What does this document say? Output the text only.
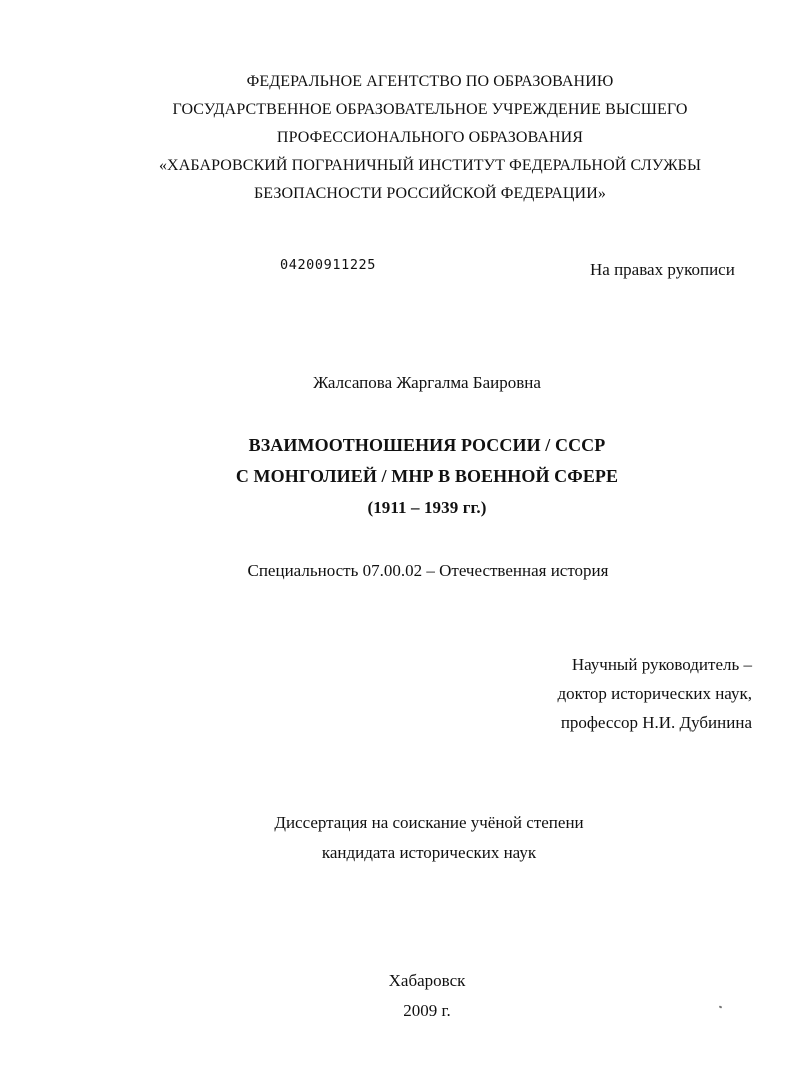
ФЕДЕРАЛЬНОЕ АГЕНТСТВО ПО ОБРАЗОВАНИЮ
ГОСУДАРСТВЕННОЕ ОБРАЗОВАТЕЛЬНОЕ УЧРЕЖДЕНИЕ ВЫСШЕГО
ПРОФЕССИОНАЛЬНОГО ОБРАЗОВАНИЯ
«ХАБАРОВСКИЙ ПОГРАНИЧНЫЙ ИНСТИТУТ ФЕДЕРАЛЬНОЙ СЛУЖБЫ
БЕЗОПАСНОСТИ РОССИЙСКОЙ ФЕДЕРАЦИИ»
04200911225	На правах рукописи
Жалсапова Жаргалма Баировна
ВЗАИМООТНОШЕНИЯ РОССИИ / СССР
С МОНГОЛИЕЙ / МНР В ВОЕННОЙ СФЕРЕ
(1911 – 1939 гг.)
Специальность 07.00.02 – Отечественная история
Научный руководитель –
доктор исторических наук,
профессор Н.И. Дубинина
Диссертация на соискание учёной степени
кандидата исторических наук
Хабаровск
2009 г.
